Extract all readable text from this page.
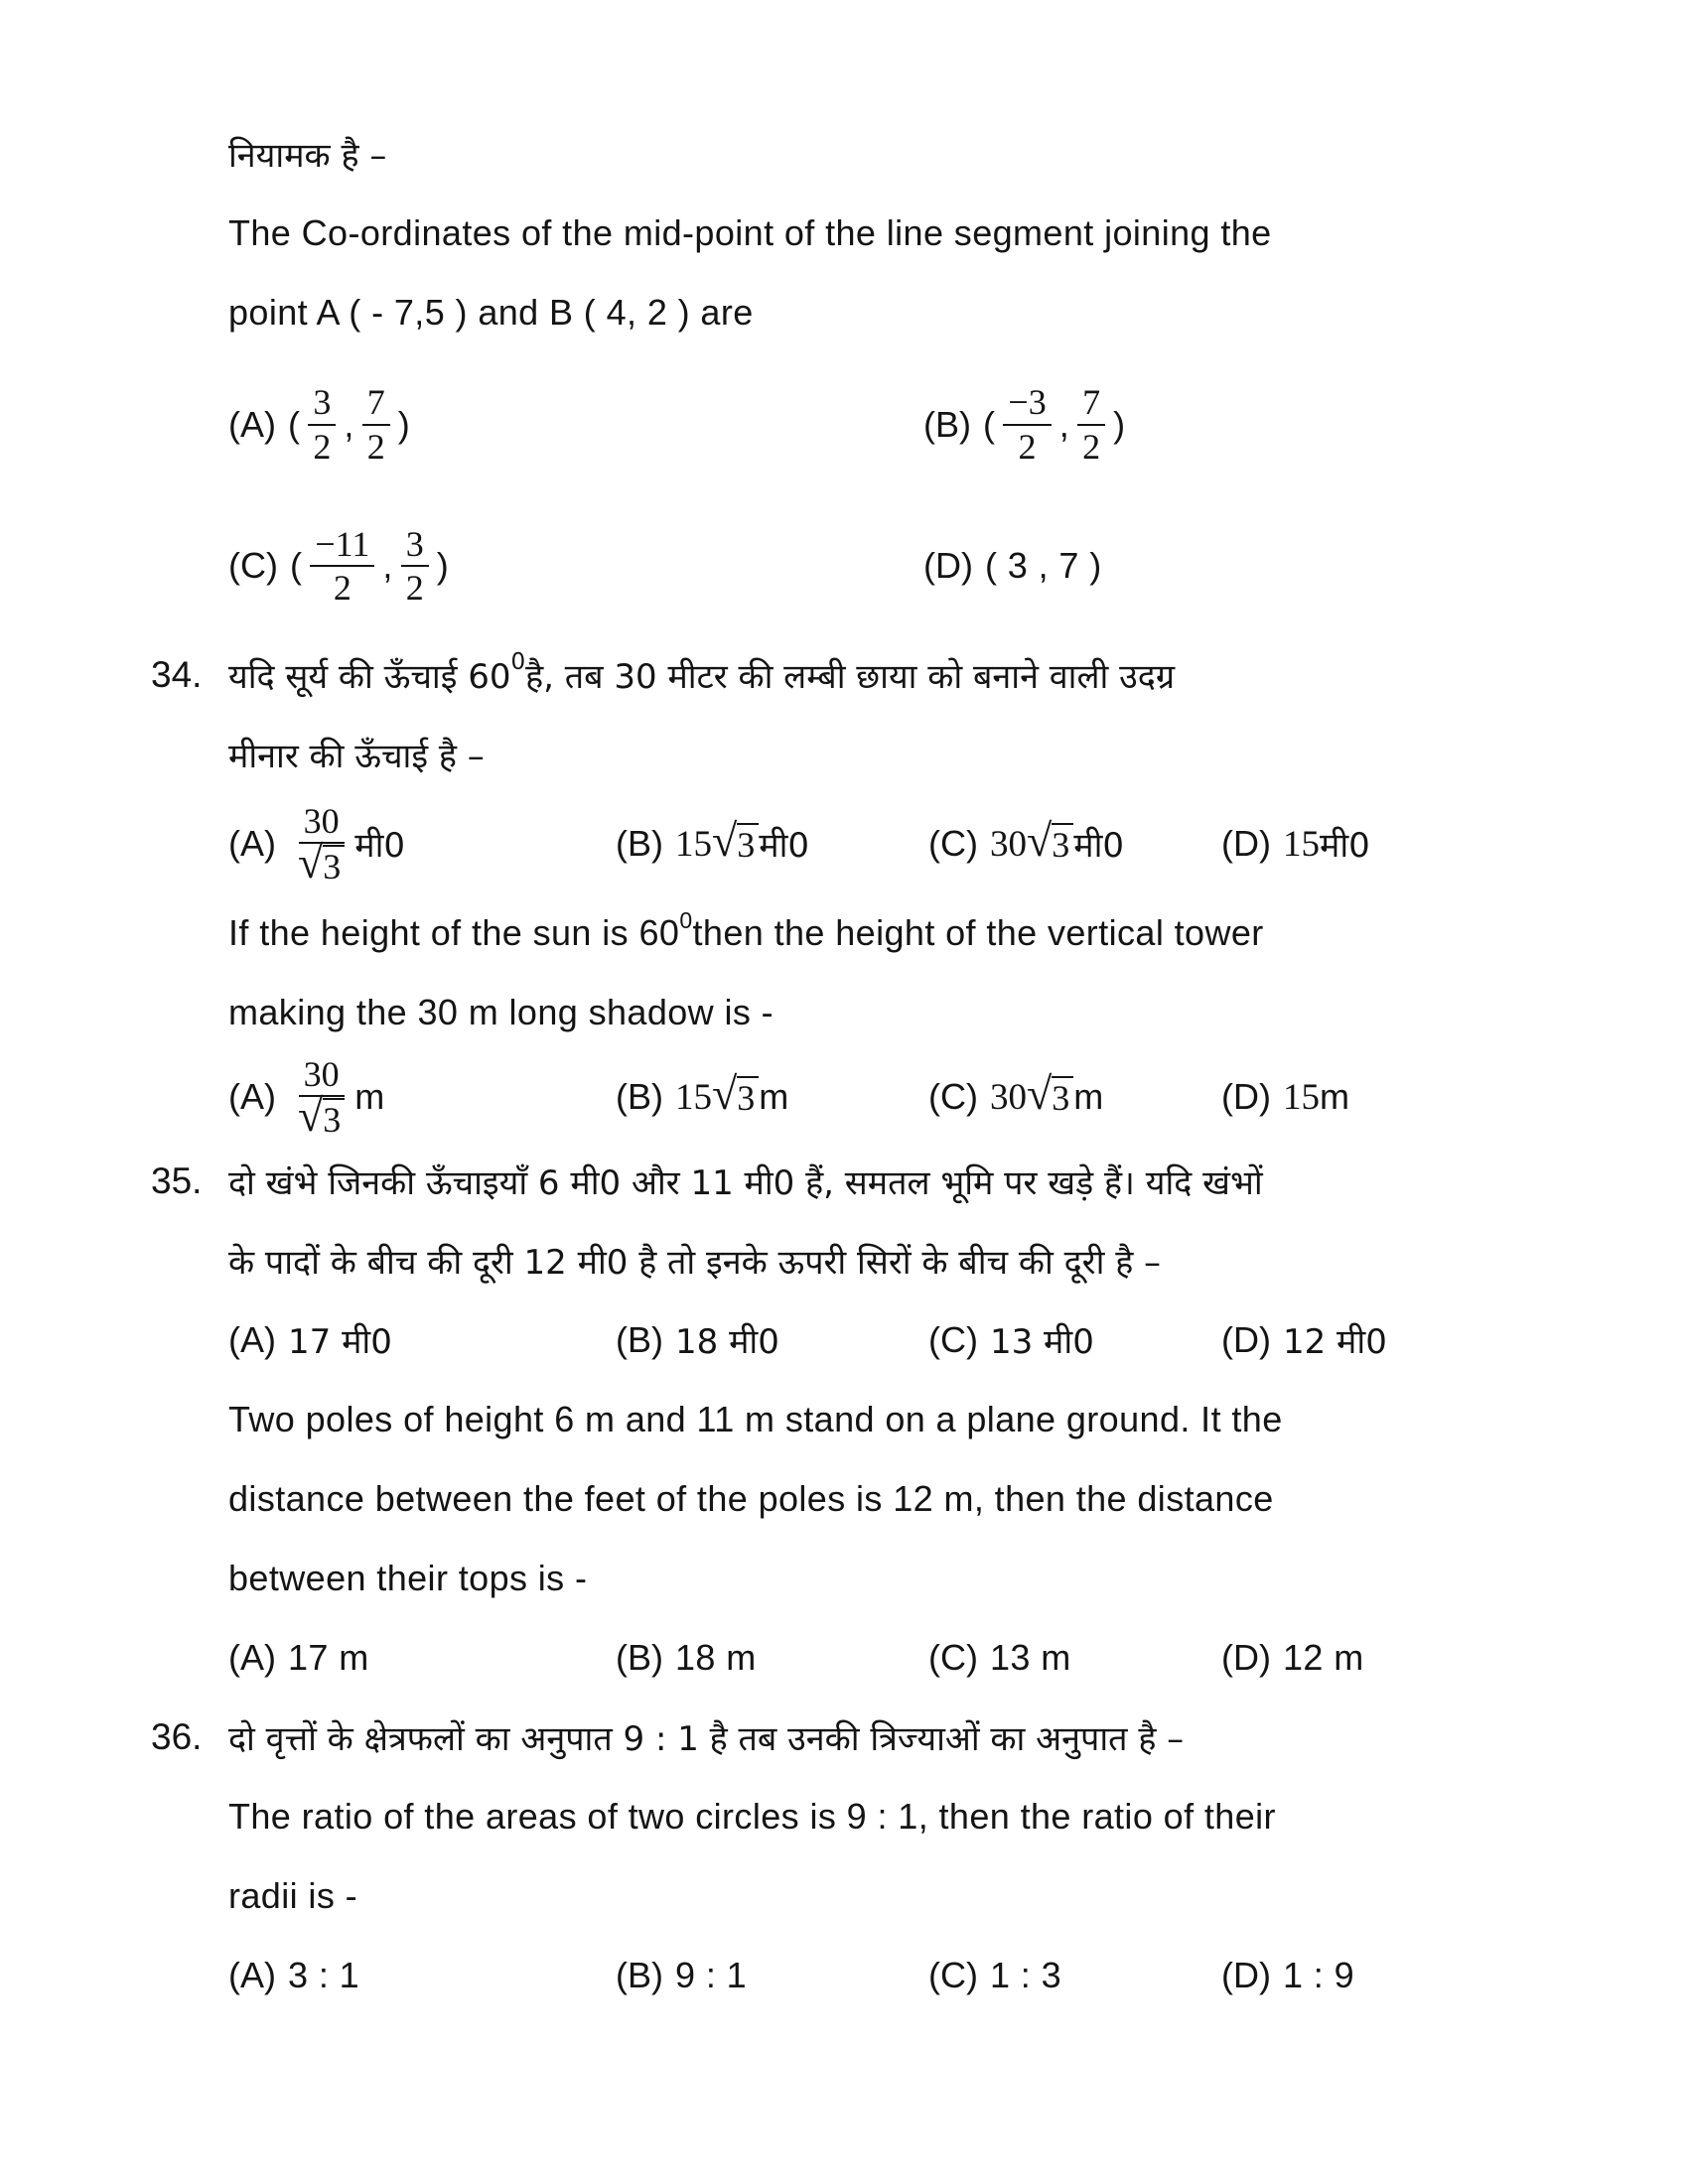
नियामक है –
The Co-ordinates of the mid-point of the line segment joining the
point A ( - 7,5 ) and B ( 4, 2 ) are
(A) ( $\frac{3}{2}$ , $\frac{7}{2}$ )	(B) ( $\frac{-3}{2}$ , $\frac{7}{2}$ )
(C) ( $\frac{-11}{2}$ , $\frac{3}{2}$ )	(D) ( 3 , 7 )
34. यदि सूर्य की ऊँचाई 60 0 है, तब 30 मीटर की लम्बी छाया को बनाने वाली उदग्र
मीनार की ऊँचाई है –
$(A) \frac{30}{√ 3}$ मी0	(B) 15 √ 3 मी0	(C) 30 √ 3 मी0	(D) 15 मी0
If the height of the sun is 60 0 then the height of the vertical tower
making the 30 m long shadow is -
$(A) \frac{30}{√ 3}$ m	(B) 15 √ 3 m	(C) 30 √ 3 m	(D) 15 m
35. दो खंभे जिनकी ऊँचाइयाँ 6 मी0 और 11 मी0 हैं, समतल भूमि पर खड़े हैं। यदि खंभों
के पादों के बीच की दूरी 12 मी0 है तो इनके ऊपरी सिरों के बीच की दूरी है –
(A) 17 मी0	(B) 18 मी0	(C) 13 मी0	(D) 12 मी0
Two poles of height 6 m and 11 m stand on a plane ground. It the
distance between the feet of the poles is 12 m, then the distance
between their tops is -
(A) 17 m	(B) 18 m	(C) 13 m	(D) 12 m
36. दो वृत्तों के क्षेत्रफलों का अनुपात 9 : 1 है तब उनकी त्रिज्याओं का अनुपात है –
The ratio of the areas of two circles is 9 : 1, then the ratio of their
radii is -
(A) 3 : 1	(B) 9 : 1	(C) 1 : 3	(D) 1 : 9
